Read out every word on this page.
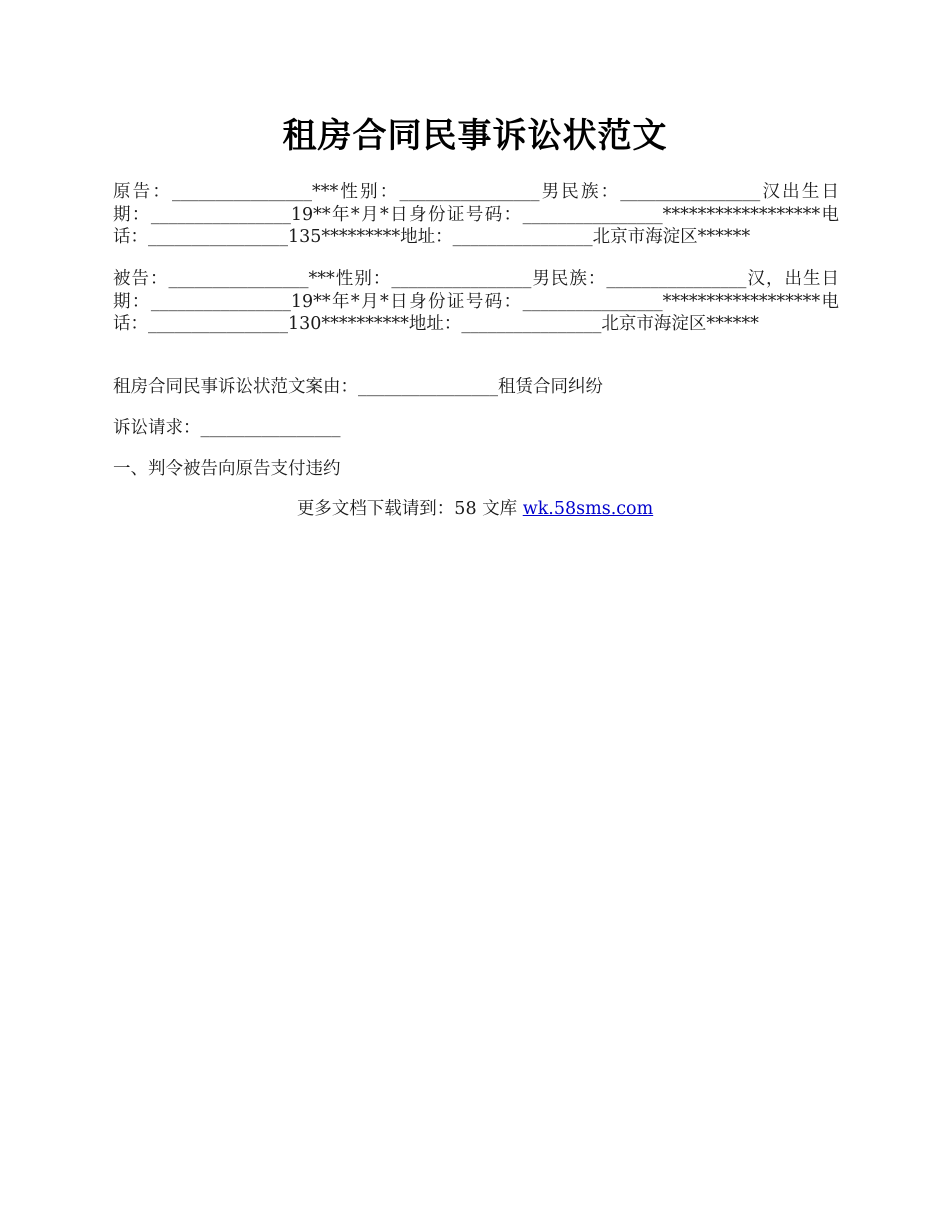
租房合同民事诉讼状范文
原告：________________***性别：________________男民族：________________汉出生日期：________________19**年*月*日身份证号码：________________******************电话：________________135*********地址：________________北京市海淀区******
被告：________________***性别：________________男民族：________________汉，出生日期：________________19**年*月*日身份证号码：________________******************电话：________________130**********地址：________________北京市海淀区******
租房合同民事诉讼状范文案由：________________租赁合同纠纷
诉讼请求：________________
一、判令被告向原告支付违约
更多文档下载请到：58 文库 wk.58sms.com
